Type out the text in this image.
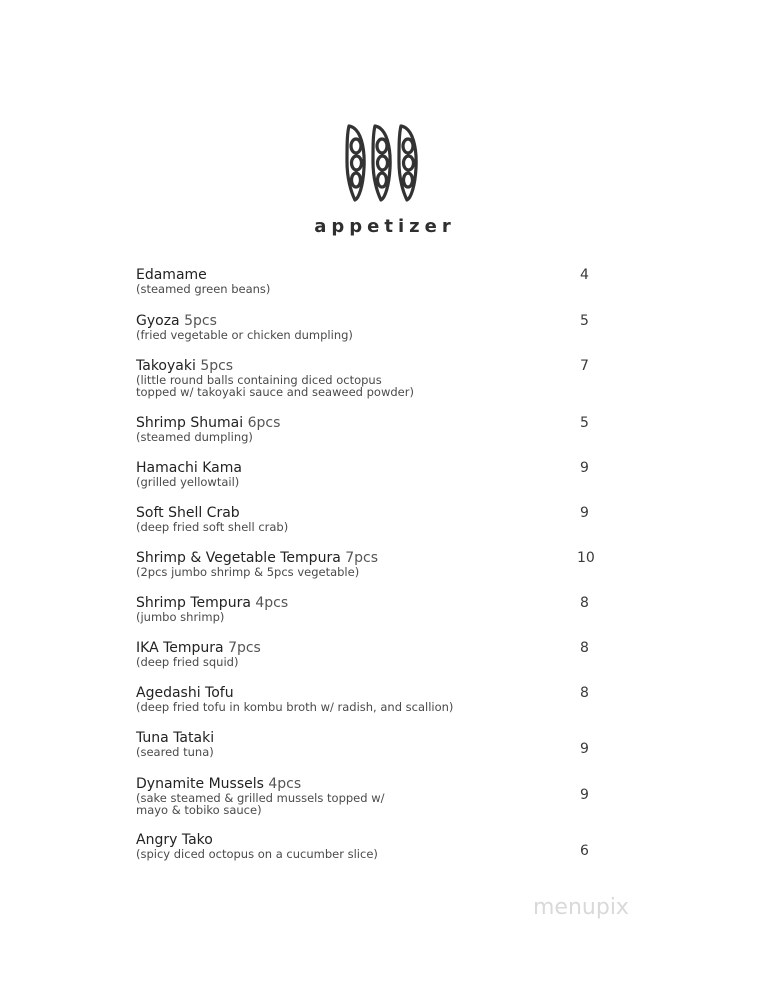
appetizer
Edamame
(steamed green beans)
4
Gyoza 5pcs
(fried vegetable or chicken dumpling)
5
Takoyaki 5pcs
(little round balls containing diced octopus
topped w/ takoyaki sauce and seaweed powder)
7
Shrimp Shumai 6pcs
(steamed dumpling)
5
Hamachi Kama
(grilled yellowtail)
9
Soft Shell Crab
(deep fried soft shell crab)
9
Shrimp & Vegetable Tempura 7pcs
(2pcs jumbo shrimp & 5pcs vegetable)
10
Shrimp Tempura 4pcs
(jumbo shrimp)
8
IKA Tempura 7pcs
(deep fried squid)
8
Agedashi Tofu
(deep fried tofu in kombu broth w/ radish, and scallion)
8
Tuna Tataki
(seared tuna)	9
Dynamite Mussels 4pcs
(sake steamed & grilled mussels topped w/
mayo & tobiko sauce)
9
Angry Tako
(spicy diced octopus on a cucumber slice)	6
menupix
